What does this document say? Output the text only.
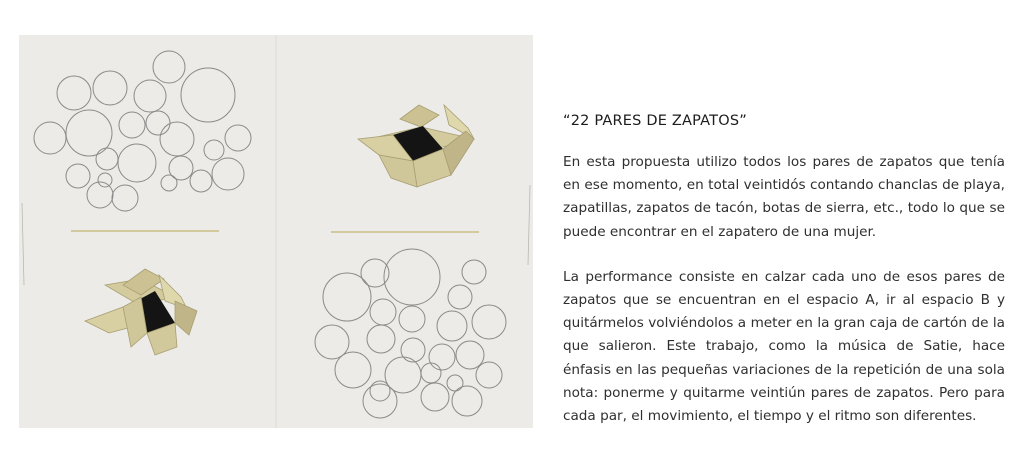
“22 PARES DE ZAPATOS”

En esta propuesta utilizo todos los pares de zapatos que tenía en ese momento, en total veintidós contando chanclas de playa, zapatillas, zapatos de tacón, botas de sierra, etc., todo lo que se puede encontrar en el zapatero de una mujer.

La performance consiste en calzar cada uno de esos pares de zapatos que se encuentran en el espacio A, ir al espacio B y quitármelos volviéndolos a meter en la gran caja de cartón de la que salieron. Este trabajo, como la música de Satie, hace énfasis en las pequeñas variaciones de la repetición de una sola nota: ponerme y quitarme veintiún pares de zapatos. Pero para cada par, el movimiento, el tiempo y el ritmo son diferentes.
